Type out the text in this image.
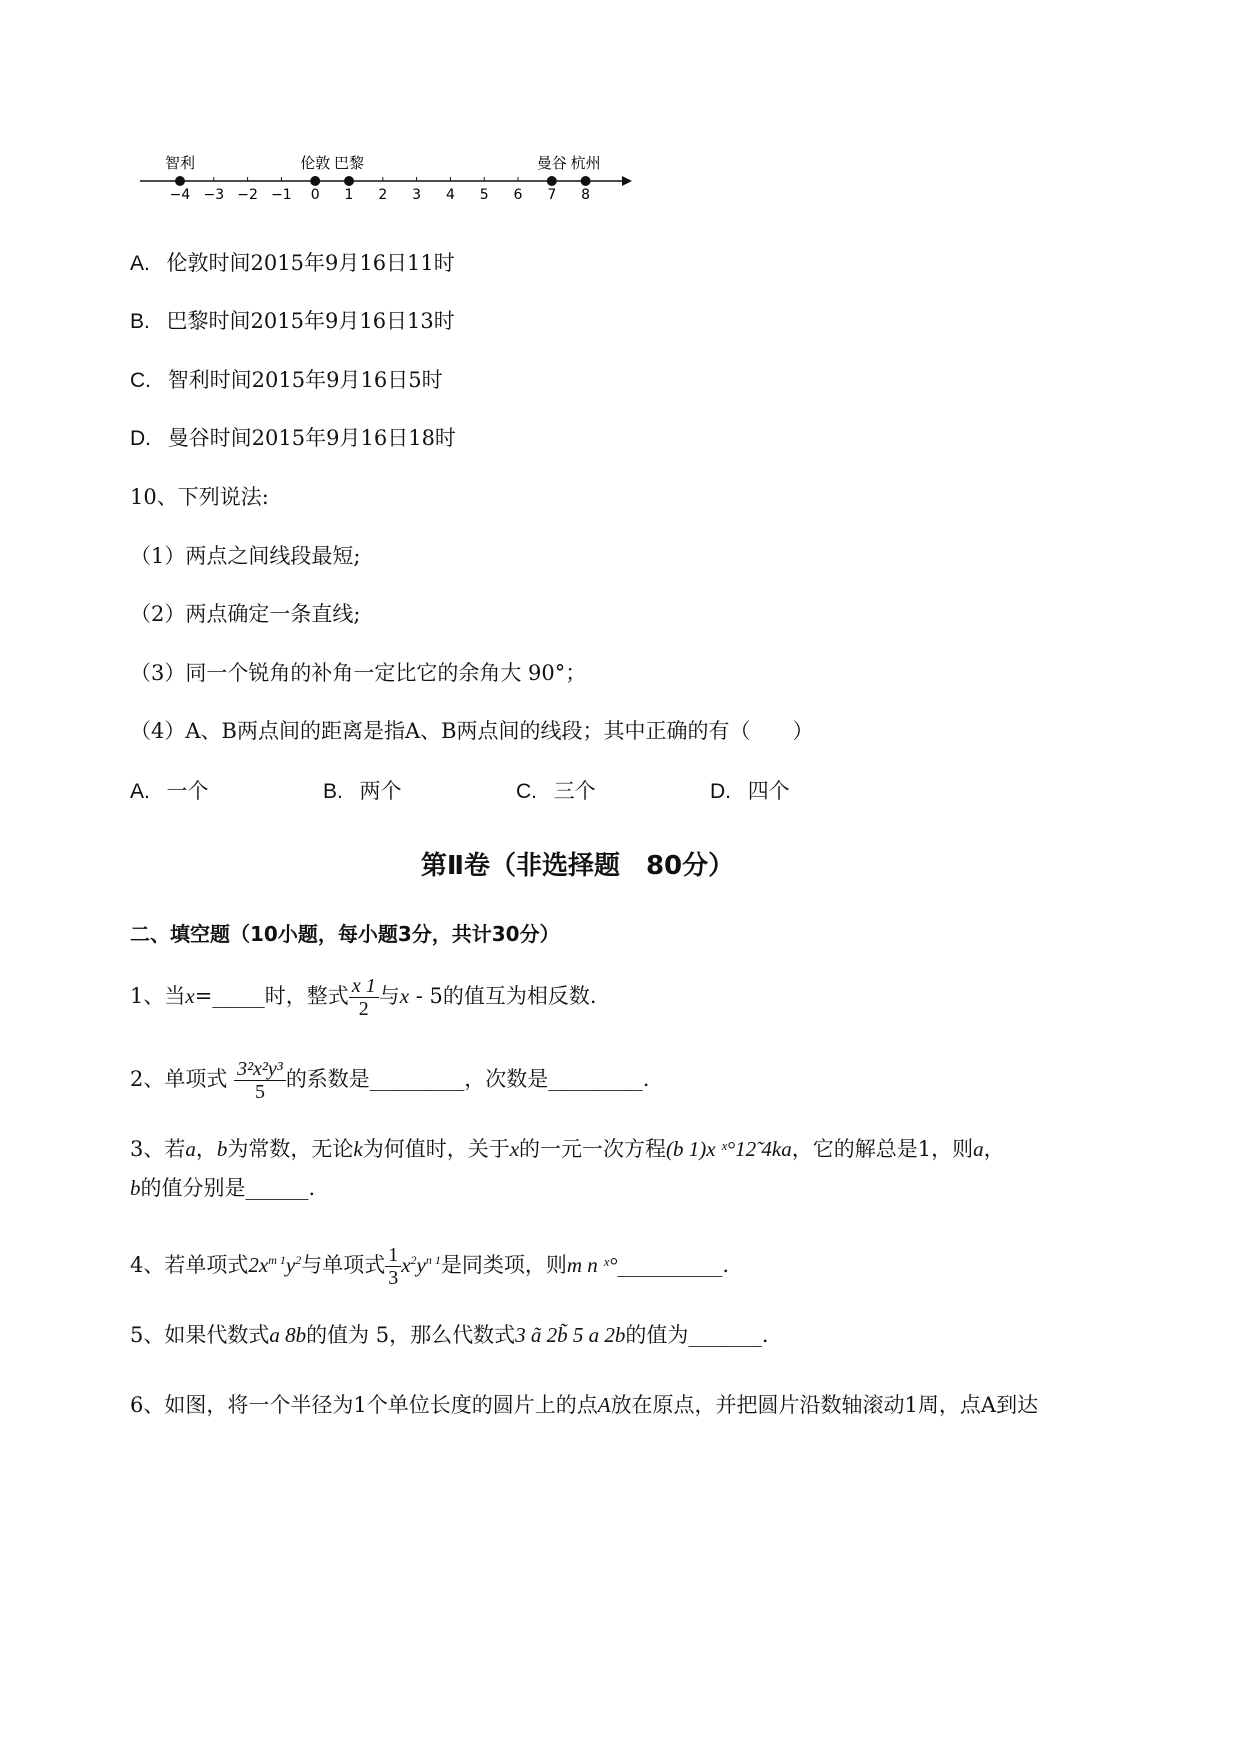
−4 −3 −2 −1 0 1 2 3 4 5 6 7 8
智利	伦敦 巴黎	曼谷 杭州
A. 伦敦时间2015年9月16日11时
B. 巴黎时间2015年9月16日13时
C. 智利时间2015年9月16日5时
D. 曼谷时间2015年9月16日18时
10、下列说法:
（1）两点之间线段最短;
（2）两点确定一条直线;
（3）同一个锐角的补角一定比它的余角大 90°；
（4）A、B两点间的距离是指A、B两点间的线段；其中正确的有（　　）
A. 一个	B. 两个	C. 三个	D. 四个
第Ⅱ卷（非选择题　80分）
二、填空题（10小题，每小题3分，共计30分）
1、当x=_____时，整式 $\frac{x 1}{2}$ 与x - 5的值互为相反数.
2、单项式 $\frac{\text{3²x²y³}}{5}$ 的系数是_________，次数是_________.
3、若a，b为常数，无论k为何值时，关于x的一元一次方程(b 1)x ˣ°12̃ 4ka，它的解总是1，则a，
b的值分别是______.
4、若单项式$2x^{m 1}y^2$与单项式 $\frac{1}{3} x^2y^{n 1}$是同类项，则m n ˣ°__________.
5、如果代数式a 8b的值为 5，那么代数式3 ã 2b̃ 5 a 2b的值为_______.
6、如图，将一个半径为1个单位长度的圆片上的点A放在原点，并把圆片沿数轴滚动1周，点A到达
